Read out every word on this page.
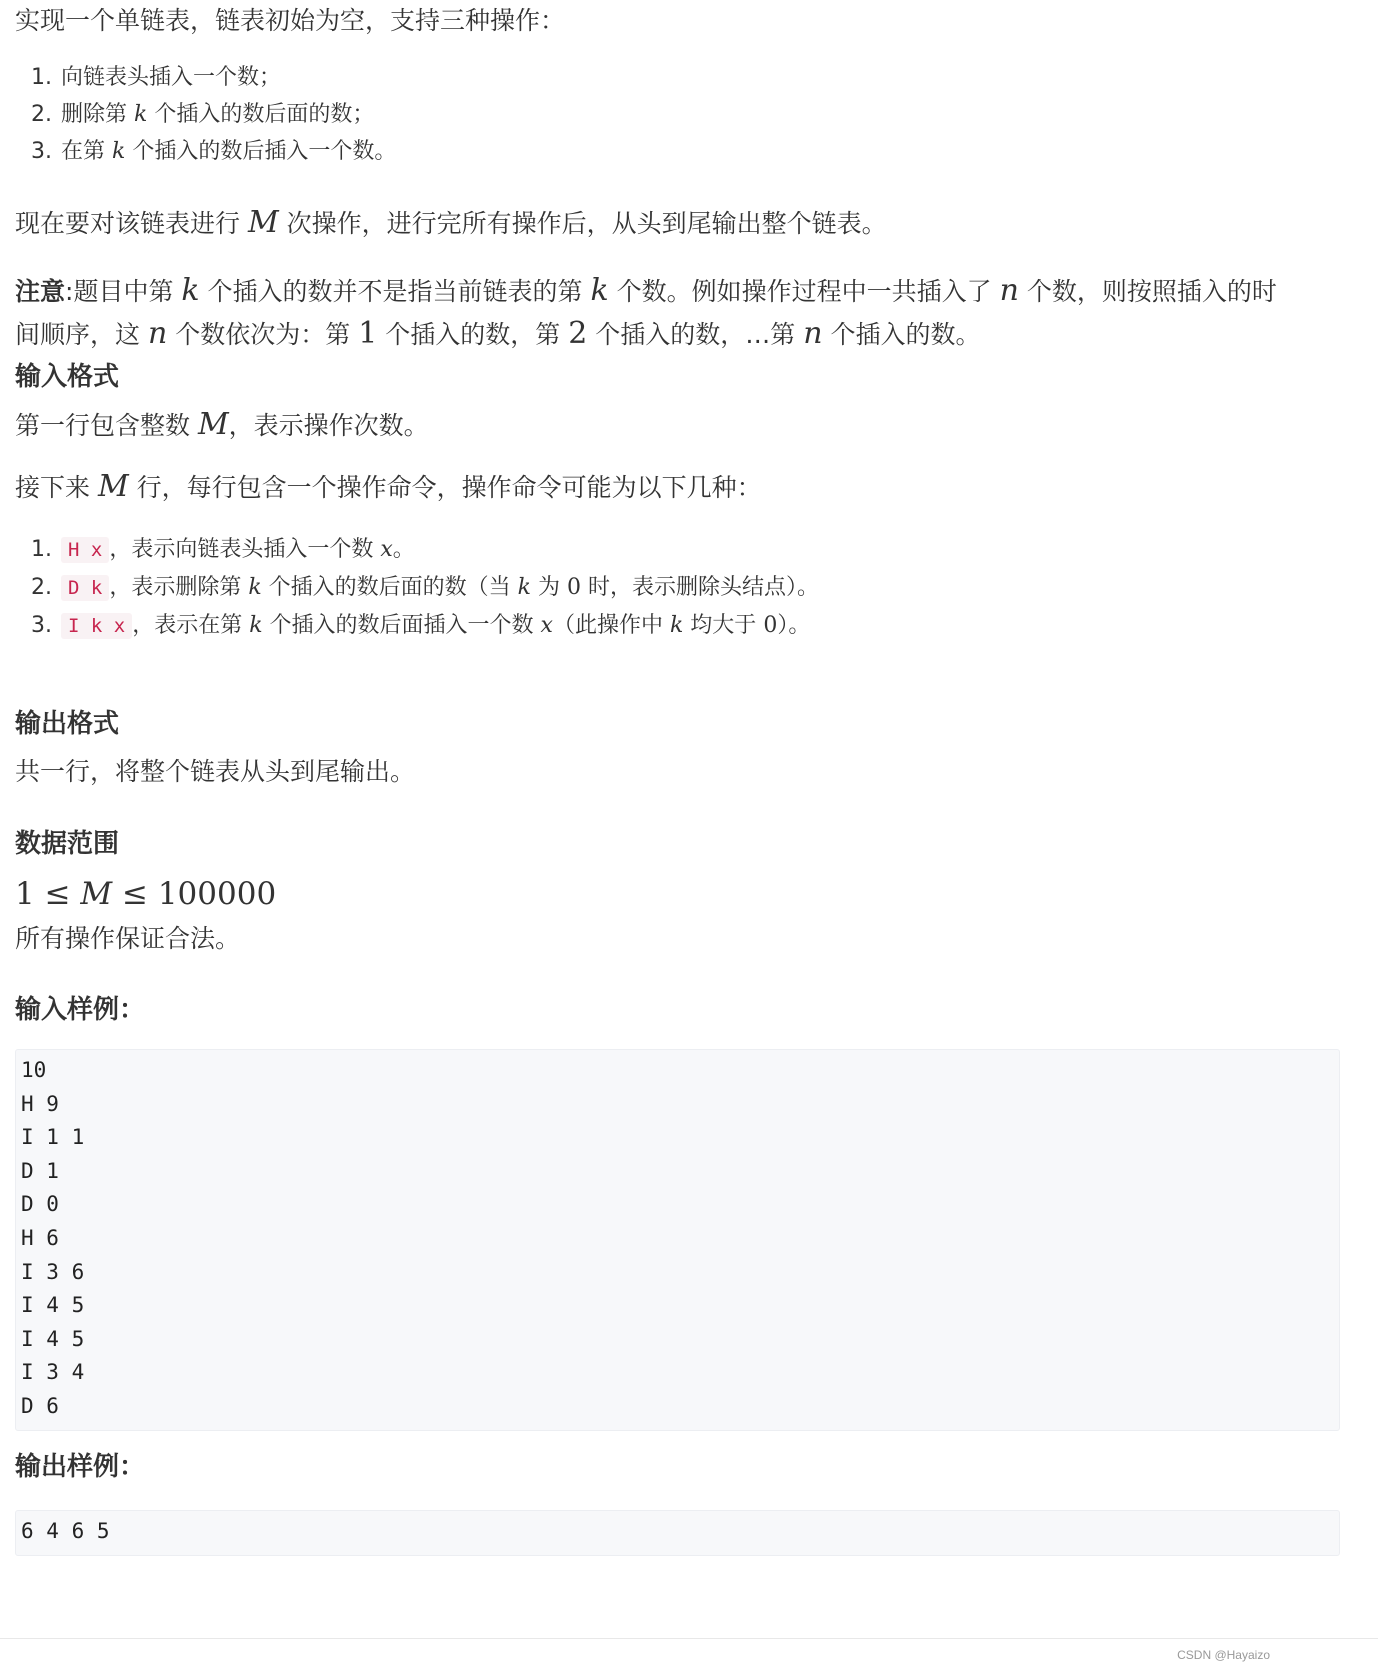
实现一个单链表，链表初始为空，支持三种操作：

1. 向链表头插入一个数；
2. 删除第 k 个插入的数后面的数；
3. 在第 k 个插入的数后插入一个数。

现在要对该链表进行 M 次操作，进行完所有操作后，从头到尾输出整个链表。

注意:题目中第 k 个插入的数并不是指当前链表的第 k 个数。例如操作过程中一共插入了 n 个数，则按照插入的时
间顺序，这 n 个数依次为：第 1 个插入的数，第 2 个插入的数，…第 n 个插入的数。

输入格式

第一行包含整数 M，表示操作次数。

接下来 M 行，每行包含一个操作命令，操作命令可能为以下几种：

1. H x ，表示向链表头插入一个数 x。
2. D k ，表示删除第 k 个插入的数后面的数（当 k 为 0 时，表示删除头结点）。
3. I k x ，表示在第 k 个插入的数后面插入一个数 x（此操作中 k 均大于 0）。
输出格式

共一行，将整个链表从头到尾输出。

数据范围

1 ≤ M ≤ 100000

所有操作保证合法。

输入样例：
10
H 9
I 1 1
D 1
D 0
H 6
I 3 6
I 4 5
I 4 5
I 3 4
D 6
输出样例：
6 4 6 5
CSDN @Hayaizo
